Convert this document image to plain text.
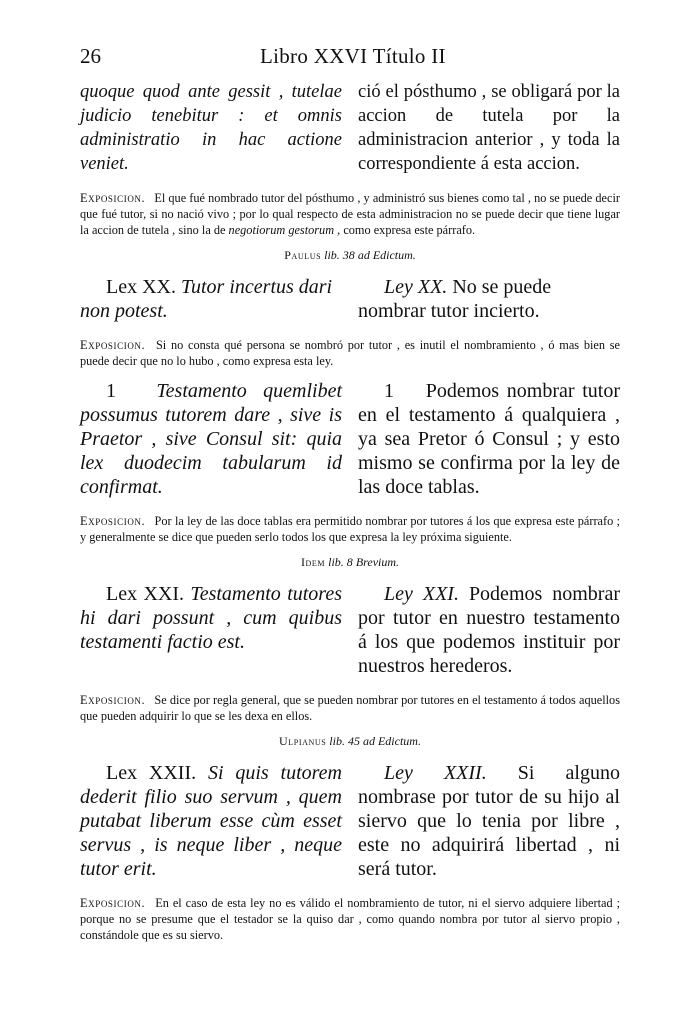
26	Libro XXVI Título II
quoque quod ante gessit , tutelae judicio tenebitur : et omnis administratio in hac actione veniet.
ció el pósthumo , se obligará por la accion de tutela por la administracion anterior , y toda la correspondiente á esta accion.

Exposicion. El que fué nombrado tutor del pósthumo , y administró sus bienes como tal , no se puede decir que fué tutor, si no nació vivo ; por lo qual respecto de esta administracion no se puede decir que tiene lugar la accion de tutela , sino la de negotiorum gestorum , como expresa este párrafo.

Paulus lib. 38 ad Edictum.
Lex XX. Tutor incertus dari non potest.
Ley XX. No se puede nombrar tutor incierto.

Exposicion. Si no consta qué persona se nombró por tutor , es inutil el nombramiento , ó mas bien se puede decir que no lo hubo , como expresa esta ley.

1 Testamento quemlibet possumus tutorem dare , sive is Praetor , sive Consul sit: quia lex duodecim tabularum id confirmat.
1 Podemos nombrar tutor en el testamento á qualquiera , ya sea Pretor ó Consul ; y esto mismo se confirma por la ley de las doce tablas.

Exposicion. Por la ley de las doce tablas era permitido nombrar por tutores á los que expresa este párrafo ; y generalmente se dice que pueden serlo todos los que expresa la ley próxima siguiente.

Idem lib. 8 Brevium.
Lex XXI. Testamento tutores hi dari possunt , cum quibus testamenti factio est.
Ley XXI. Podemos nombrar por tutor en nuestro testamento á los que podemos instituir por nuestros herederos.

Exposicion. Se dice por regla general, que se pueden nombrar por tutores en el testamento á todos aquellos que pueden adquirir lo que se les dexa en ellos.

Ulpianus lib. 45 ad Edictum.
Lex XXII. Si quis tutorem dederit filio suo servum , quem putabat liberum esse cùm esset servus , is neque liber , neque tutor erit.
Ley XXII. Si alguno nombrase por tutor de su hijo al siervo que lo tenia por libre , este no adquirirá libertad , ni será tutor.

Exposicion. En el caso de esta ley no es válido el nombramiento de tutor, ni el siervo adquiere libertad ; porque no se presume que el testador se la quiso dar , como quando nombra por tutor al siervo propio , constándole que es su siervo.
